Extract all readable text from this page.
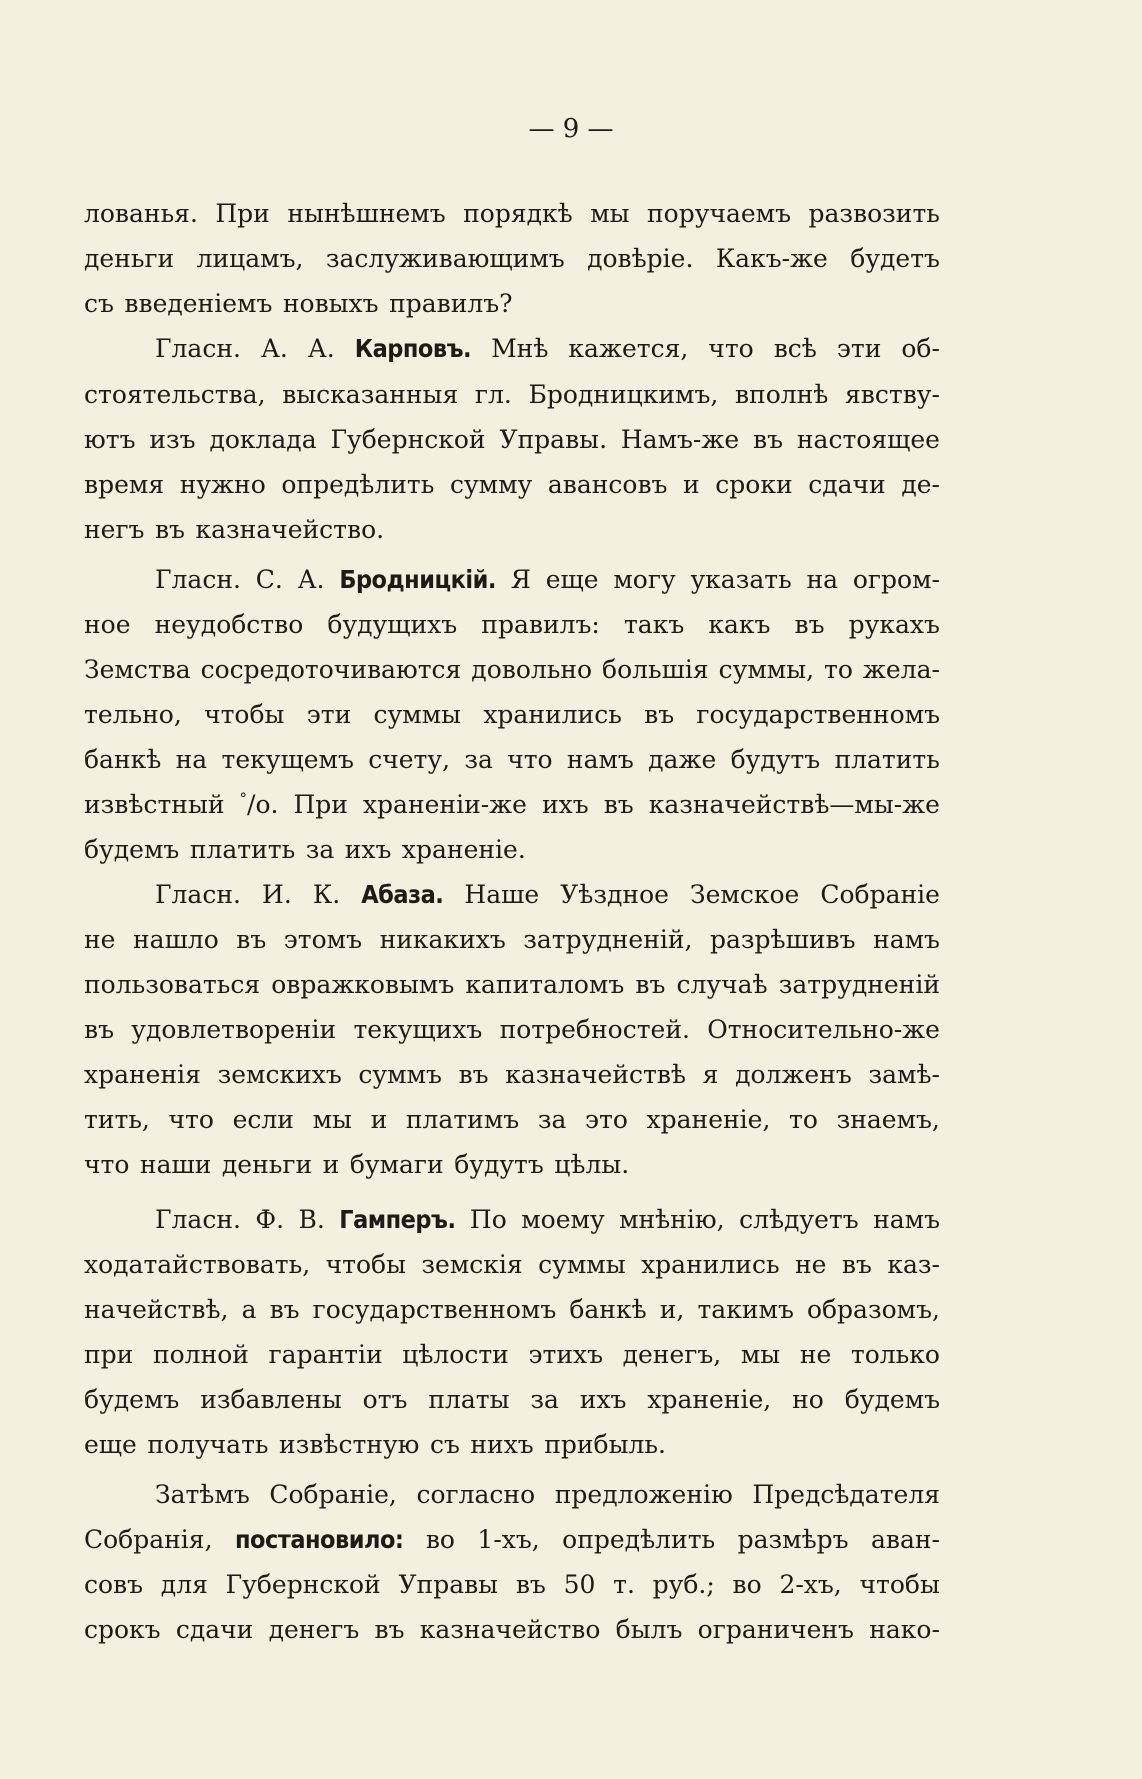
— 9 —
лованья. При нынѣшнемъ порядкѣ мы поручаемъ развозить
деньги лицамъ, заслуживающимъ довѣріе. Какъ-же будетъ
съ введеніемъ новыхъ правилъ?
Гласн. А. А. Карповъ. Мнѣ кажется, что всѣ эти об-
стоятельства, высказанныя гл. Бродницкимъ, вполнѣ явству-
ютъ изъ доклада Губернской Управы. Намъ-же въ настоящее
время нужно опредѣлить сумму авансовъ и сроки сдачи де-
негъ въ казначейство.
Гласн. С. А. Бродницкій. Я еще могу указать на огром-
ное неудобство будущихъ правилъ: такъ какъ въ рукахъ
Земства сосредоточиваются довольно большія суммы, то жела-
тельно, чтобы эти суммы хранились въ государственномъ
банкѣ на текущемъ счету, за что намъ даже будутъ платить
извѣстный °/о. При храненіи-же ихъ въ казначействѣ—мы-же
будемъ платить за ихъ храненіе.
Гласн. И. К. Абаза. Наше Уѣздное Земское Собраніе
не нашло въ этомъ никакихъ затрудненій, разрѣшивъ намъ
пользоваться овражковымъ капиталомъ въ случаѣ затрудненій
въ удовлетвореніи текущихъ потребностей. Относительно-же
храненія земскихъ суммъ въ казначействѣ я долженъ замѣ-
тить, что если мы и платимъ за это храненіе, то знаемъ,
что наши деньги и бумаги будутъ цѣлы.
Гласн. Ф. В. Гамперъ. По моему мнѣнію, слѣдуетъ намъ
ходатайствовать, чтобы земскія суммы хранились не въ каз-
начействѣ, а въ государственномъ банкѣ и, такимъ образомъ,
при полной гарантіи цѣлости этихъ денегъ, мы не только
будемъ избавлены отъ платы за ихъ храненіе, но будемъ
еще получать извѣстную съ нихъ прибыль.
Затѣмъ Собраніе, согласно предложенію Предсѣдателя
Собранія, постановило: во 1-хъ, опредѣлить размѣръ аван-
совъ для Губернской Управы въ 50 т. руб.; во 2-хъ, чтобы
срокъ сдачи денегъ въ казначейство былъ ограниченъ нако-
